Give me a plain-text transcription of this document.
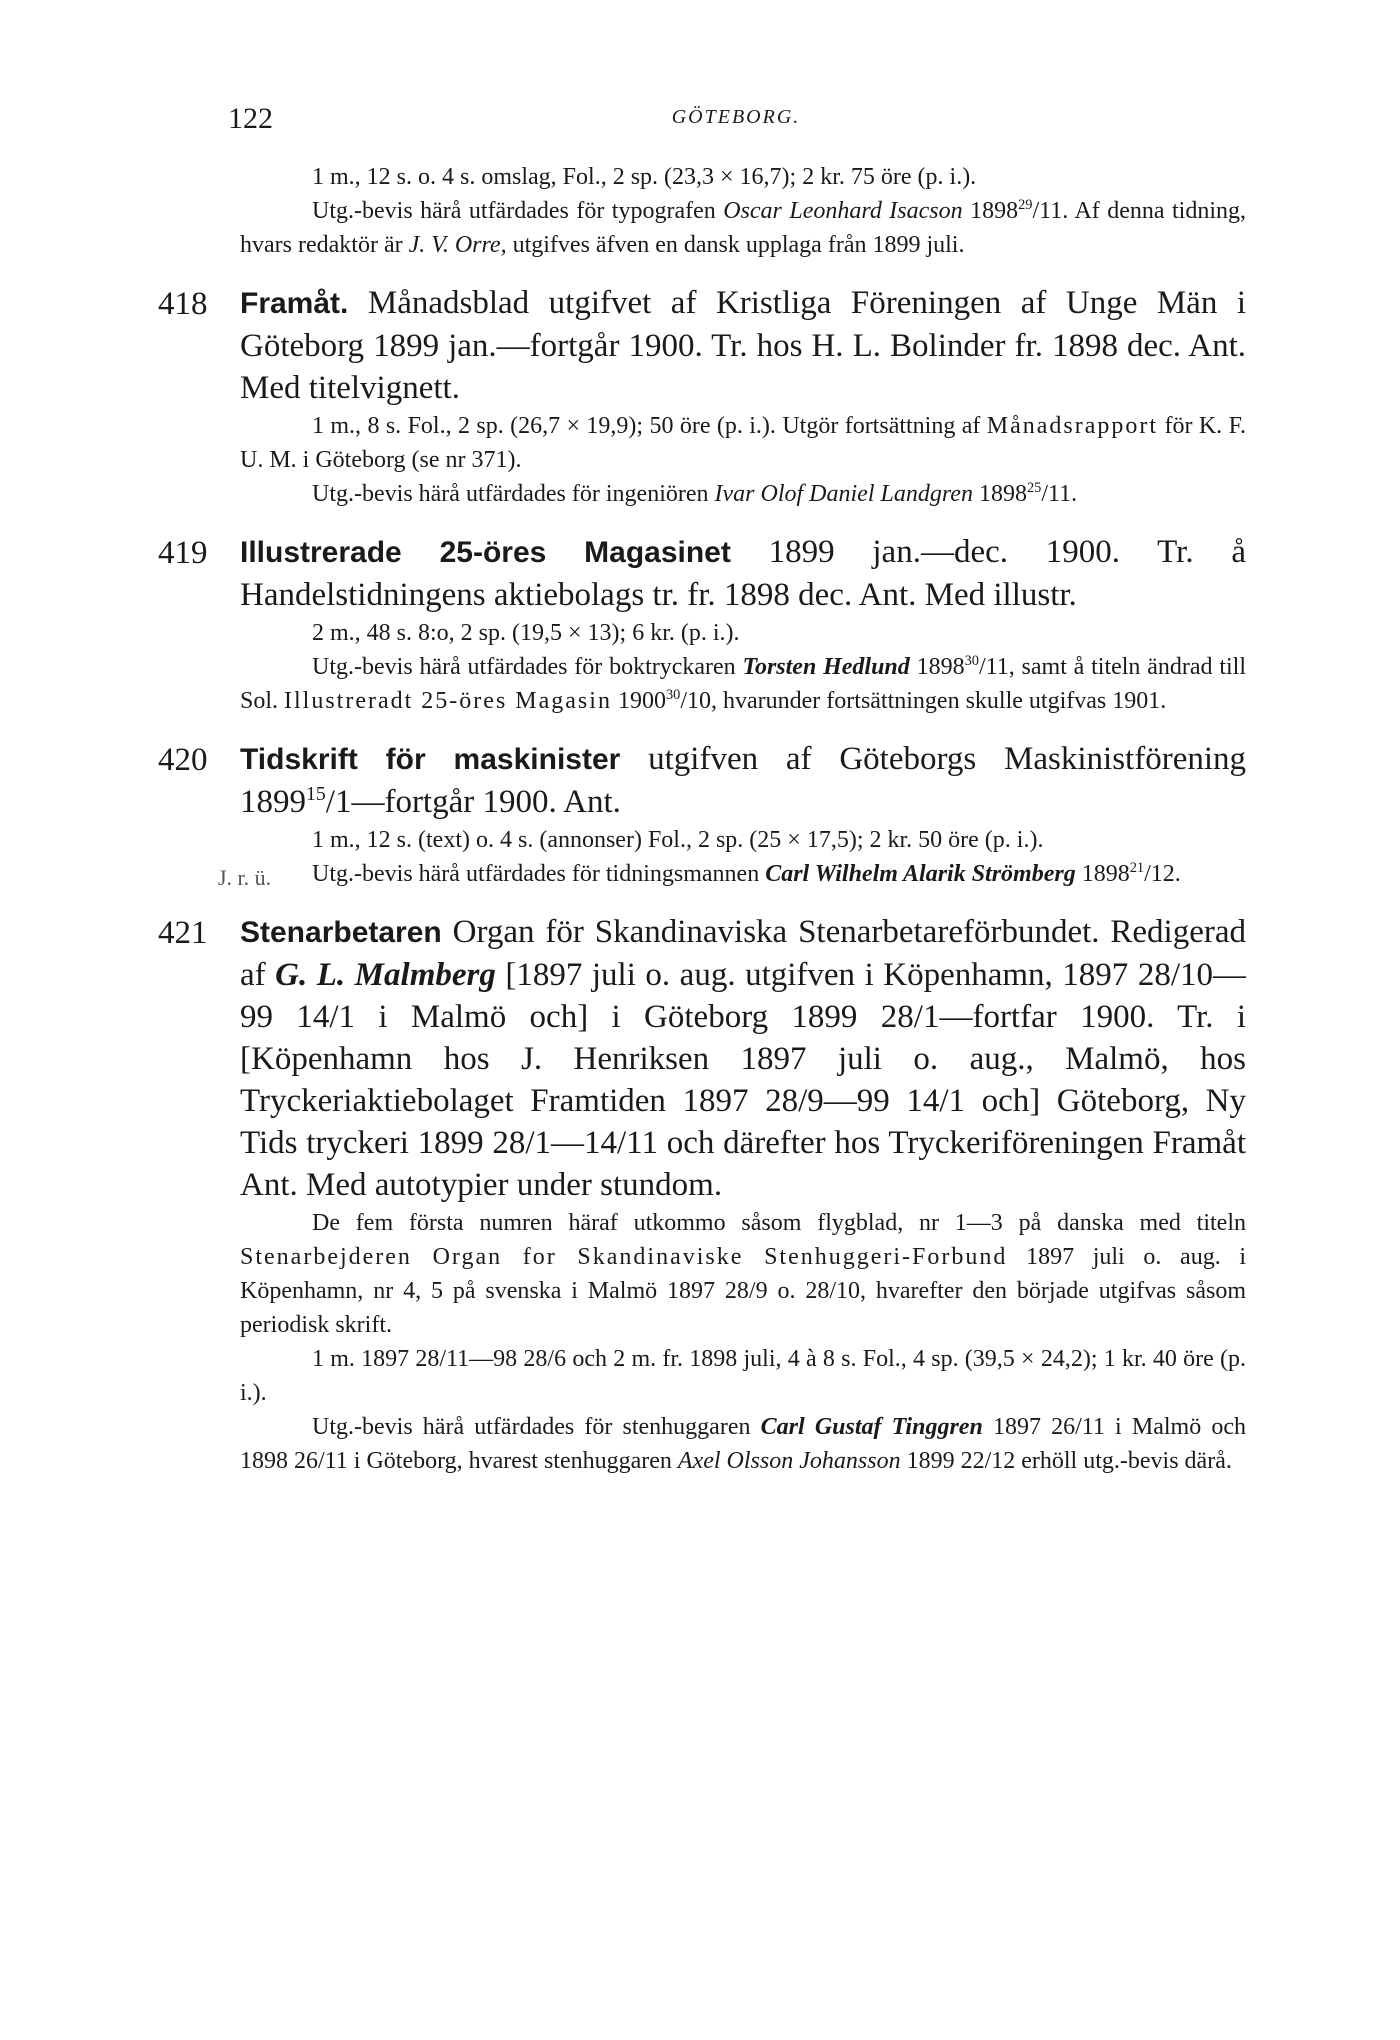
122	GÖTEBORG.

1 m., 12 s. o. 4 s. omslag, Fol., 2 sp. (23,3 × 16,7); 2 kr. 75 öre (p. i.).

Utg.-bevis härå utfärdades för typografen Oscar Leonhard Isacson 1898$^{29}$/11. Af denna tidning, hvars redaktör är J. V. Orre, utgifves äfven en dansk upplaga från 1899 juli.

418 Framåt. Månadsblad utgifvet af Kristliga Föreningen af Unge Män i Göteborg 1899 jan.—fortgår 1900. Tr. hos H. L. Bolinder fr. 1898 dec. Ant. Med titelvignett.

1 m., 8 s. Fol., 2 sp. (26,7 × 19,9); 50 öre (p. i.). Utgör fortsättning af Månadsrapport för K. F. U. M. i Göteborg (se nr 371).

Utg.-bevis härå utfärdades för ingeniören Ivar Olof Daniel Landgren 1898$^{25}$/11.

419 Illustrerade 25-öres Magasinet 1899 jan.—dec. 1900. Tr. å Handelstidningens aktiebolags tr. fr. 1898 dec. Ant. Med illustr.

2 m., 48 s. 8:o, 2 sp. (19,5 × 13); 6 kr. (p. i.).

Utg.-bevis härå utfärdades för boktryckaren Torsten Hedlund 1898$^{30}$/11, samt å titeln ändrad till Sol. Illustreradt 25-öres Magasin 1900$^{30}$/10, hvarunder fortsättningen skulle utgifvas 1901.

420 Tidskrift för maskinister utgifven af Göteborgs Maskinistförening 1899$^{15}$/1—fortgår 1900. Ant.

1 m., 12 s. (text) o. 4 s. (annonser) Fol., 2 sp. (25 × 17,5); 2 kr. 50 öre (p. i.).

J. r. ü. Utg.-bevis härå utfärdades för tidningsmannen Carl Wilhelm Alarik Strömberg 1898$^{21}$/12.

421 Stenarbetaren Organ för Skandinaviska Stenarbetareförbundet. Redigerad af G. L. Malmberg [1897 juli o. aug. utgifven i Köpenhamn, 1897 28/10—99 14/1 i Malmö och] i Göteborg 1899 28/1—fortfar 1900. Tr. i [Köpenhamn hos J. Henriksen 1897 juli o. aug., Malmö, hos Tryckeriaktiebolaget Framtiden 1897 28/9—99 14/1 och] Göteborg, Ny Tids tryckeri 1899 28/1—14/11 och därefter hos Tryckeriföreningen Framåt Ant. Med autotypier under stundom.

De fem första numren häraf utkommo såsom flygblad, nr 1—3 på danska med titeln Stenarbejderen Organ for Skandinaviske Stenhuggeri-Forbund 1897 juli o. aug. i Köpenhamn, nr 4, 5 på svenska i Malmö 1897 28/9 o. 28/10, hvarefter den började utgifvas såsom periodisk skrift.

1 m. 1897 28/11—98 28/6 och 2 m. fr. 1898 juli, 4 à 8 s. Fol., 4 sp. (39,5 × 24,2); 1 kr. 40 öre (p. i.).

Utg.-bevis härå utfärdades för stenhuggaren Carl Gustaf Tinggren 1897 26/11 i Malmö och 1898 26/11 i Göteborg, hvarest stenhuggaren Axel Olsson Johansson 1899 22/12 erhöll utg.-bevis därå.
